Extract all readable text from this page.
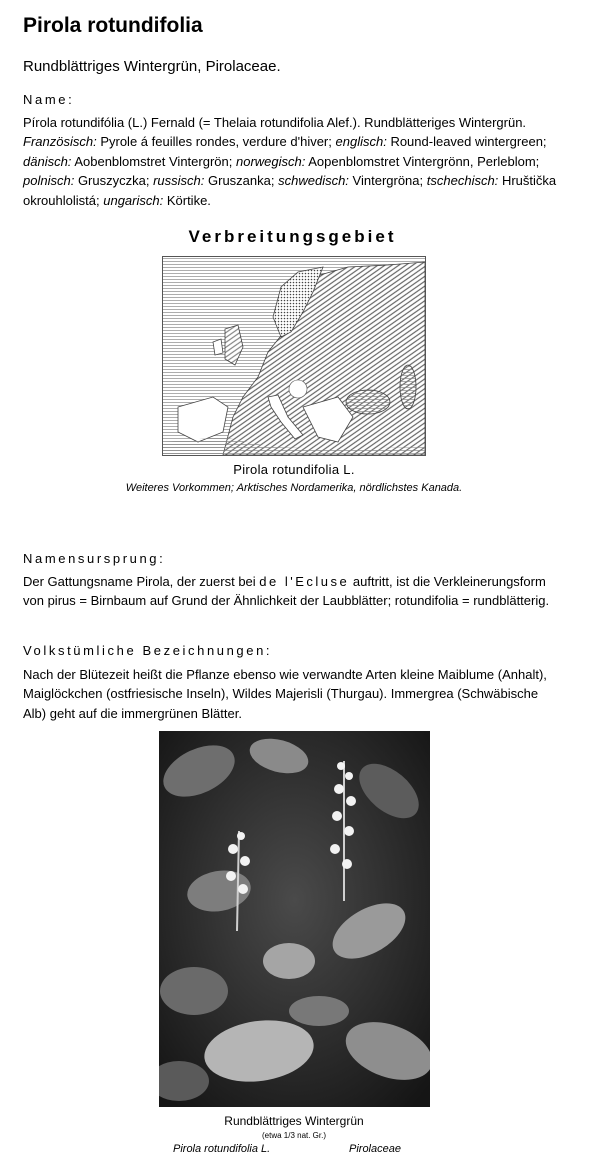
Pirola rotundifolia

Rundblättriges Wintergrün, Pirolaceae.

Name:

Pírola rotundifólia (L.) Fernald (= Thelaia rotundifolia Alef.). Rundblätteriges Wintergrün. Französisch: Pyrole á feuilles rondes, verdure d'hiver; englisch: Round-leaved wintergreen; dänisch: Aobenblomstret Vintergrön; norwegisch: Aopenblomstret Vintergrönn, Perleblom; polnisch: Gruszyczka; russisch: Gruszanka; schwedisch: Vintergröna; tschechisch: Hruštička okrouhlolistá; ungarisch: Körtike.

Verbreitungsgebiet

Pirola rotundifolia L.

Weiteres Vorkommen; Arktisches Nordamerika, nördlichstes Kanada.

Namensursprung:

Der Gattungsname Pirola, der zuerst bei de l'Ecluse auftritt, ist die Verkleinerungsform von pirus = Birnbaum auf Grund der Ähnlichkeit der Laubblätter; rotundifolia = rundblätterig.

Volkstümliche Bezeichnungen:

Nach der Blütezeit heißt die Pflanze ebenso wie verwandte Arten kleine Maiblume (Anhalt), Maiglöckchen (ostfriesische Inseln), Wildes Majerisli (Thurgau). Immergrea (Schwäbische Alb) geht auf die immergrünen Blätter.

Rundblättriges Wintergrün

(etwa 1/3 nat. Gr.)

Pirola rotundifolia L.	Pirolaceae
